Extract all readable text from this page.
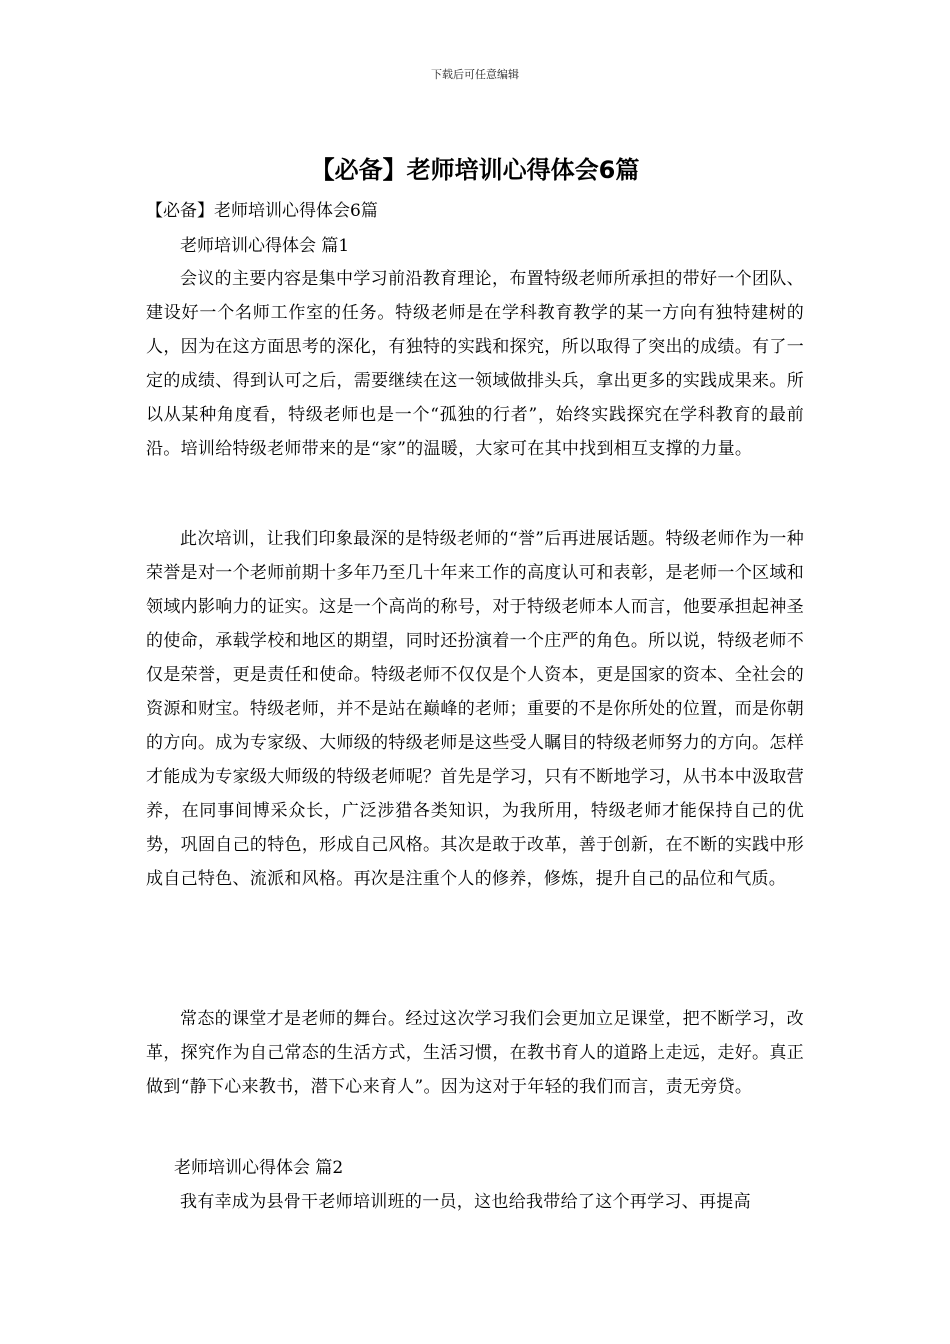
下载后可任意编辑
【必备】老师培训心得体会6篇

【必备】老师培训心得体会6篇

老师培训心得体会 篇1

会议的主要内容是集中学习前沿教育理论，布置特级老师所承担的带好一个团队、建设好一个名师工作室的任务。特级老师是在学科教育教学的某一方向有独特建树的人，因为在这方面思考的深化，有独特的实践和探究，所以取得了突出的成绩。有了一定的成绩、得到认可之后，需要继续在这一领域做排头兵，拿出更多的实践成果来。所以从某种角度看，特级老师也是一个“孤独的行者”，始终实践探究在学科教育的最前沿。培训给特级老师带来的是“家”的温暖，大家可在其中找到相互支撑的力量。

此次培训，让我们印象最深的是特级老师的“誉”后再进展话题。特级老师作为一种荣誉是对一个老师前期十多年乃至几十年来工作的高度认可和表彰，是老师一个区域和领域内影响力的证实。这是一个高尚的称号，对于特级老师本人而言，他要承担起神圣的使命，承载学校和地区的期望，同时还扮演着一个庄严的角色。所以说，特级老师不仅是荣誉，更是责任和使命。特级老师不仅仅是个人资本，更是国家的资本、全社会的资源和财宝。特级老师，并不是站在巅峰的老师；重要的不是你所处的位置，而是你朝的方向。成为专家级、大师级的特级老师是这些受人瞩目的特级老师努力的方向。怎样才能成为专家级大师级的特级老师呢？首先是学习，只有不断地学习，从书本中汲取营养，在同事间博采众长，广泛涉猎各类知识，为我所用，特级老师才能保持自己的优势，巩固自己的特色，形成自己风格。其次是敢于改革，善于创新，在不断的实践中形成自己特色、流派和风格。再次是注重个人的修养，修炼，提升自己的品位和气质。

常态的课堂才是老师的舞台。经过这次学习我们会更加立足课堂，把不断学习，改革，探究作为自己常态的生活方式，生活习惯，在教书育人的道路上走远，走好。真正做到“静下心来教书，潜下心来育人”。因为这对于年轻的我们而言，责无旁贷。

老师培训心得体会 篇2

我有幸成为县骨干老师培训班的一员，这也给我带给了这个再学习、再提高
